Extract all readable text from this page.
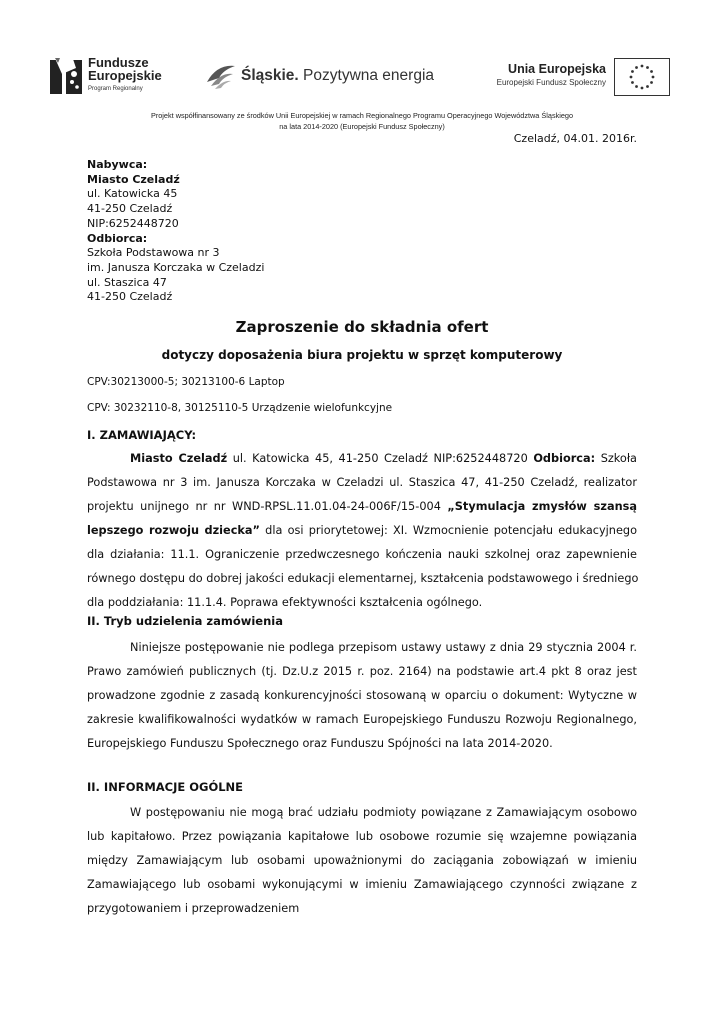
Fundusze
Europejskie
Program Regionalny
Śląskie. Pozytywna energia	Unia Europejska
Europejski Fundusz Społeczny
Projekt współfinansowany ze środków Unii Europejskiej w ramach Regionalnego Programu Operacyjnego Województwa Śląskiego
na lata 2014-2020 (Europejski Fundusz Społeczny)
Czeladź, 04.01. 2016r.
Nabywca:
Miasto Czeladź
ul. Katowicka 45
41-250 Czeladź
NIP:6252448720
Odbiorca:
Szkoła Podstawowa nr 3
im. Janusza Korczaka w Czeladzi
ul. Staszica 47
41-250 Czeladź
Zaproszenie do składnia ofert
dotyczy doposażenia biura projektu w sprzęt komputerowy
CPV:30213000-5; 30213100-6 Laptop
CPV: 30232110-8, 30125110-5 Urządzenie wielofunkcyjne
I. ZAMAWIAJĄCY:
Miasto Czeladź ul. Katowicka 45, 41-250 Czeladź NIP:6252448720 Odbiorca: Szkoła
Podstawowa nr 3 im. Janusza Korczaka w Czeladzi ul. Staszica 47, 41-250 Czeladź, realizator
projektu unijnego nr nr WND-RPSL.11.01.04-24-006F/15-004 „Stymulacja zmysłów szansą
lepszego rozwoju dziecka” dla osi priorytetowej: XI. Wzmocnienie potencjału edukacyjnego
dla działania: 11.1. Ograniczenie przedwczesnego kończenia nauki szkolnej oraz zapewnienie
równego dostępu do dobrej jakości edukacji elementarnej, kształcenia podstawowego i średniego
dla poddziałania: 11.1.4. Poprawa efektywności kształcenia ogólnego.
II. Tryb udzielenia zamówienia
Niniejsze postępowanie nie podlega przepisom ustawy ustawy z dnia 29 stycznia 2004 r.
Prawo zamówień publicznych (tj. Dz.U.z 2015 r. poz. 2164) na podstawie art.4 pkt 8 oraz jest
prowadzone zgodnie z zasadą konkurencyjności stosowaną w oparciu o dokument: Wytyczne w
zakresie kwalifikowalności wydatków w ramach Europejskiego Funduszu Rozwoju Regionalnego,
Europejskiego Funduszu Społecznego oraz Funduszu Spójności na lata 2014-2020.
II. INFORMACJE OGÓLNE
W postępowaniu nie mogą brać udziału podmioty powiązane z Zamawiającym osobowo
lub kapitałowo. Przez powiązania kapitałowe lub osobowe rozumie się wzajemne powiązania
między Zamawiającym lub osobami upoważnionymi do zaciągania zobowiązań w imieniu
Zamawiającego lub osobami wykonującymi w imieniu Zamawiającego czynności związane z
przygotowaniem i przeprowadzeniem
